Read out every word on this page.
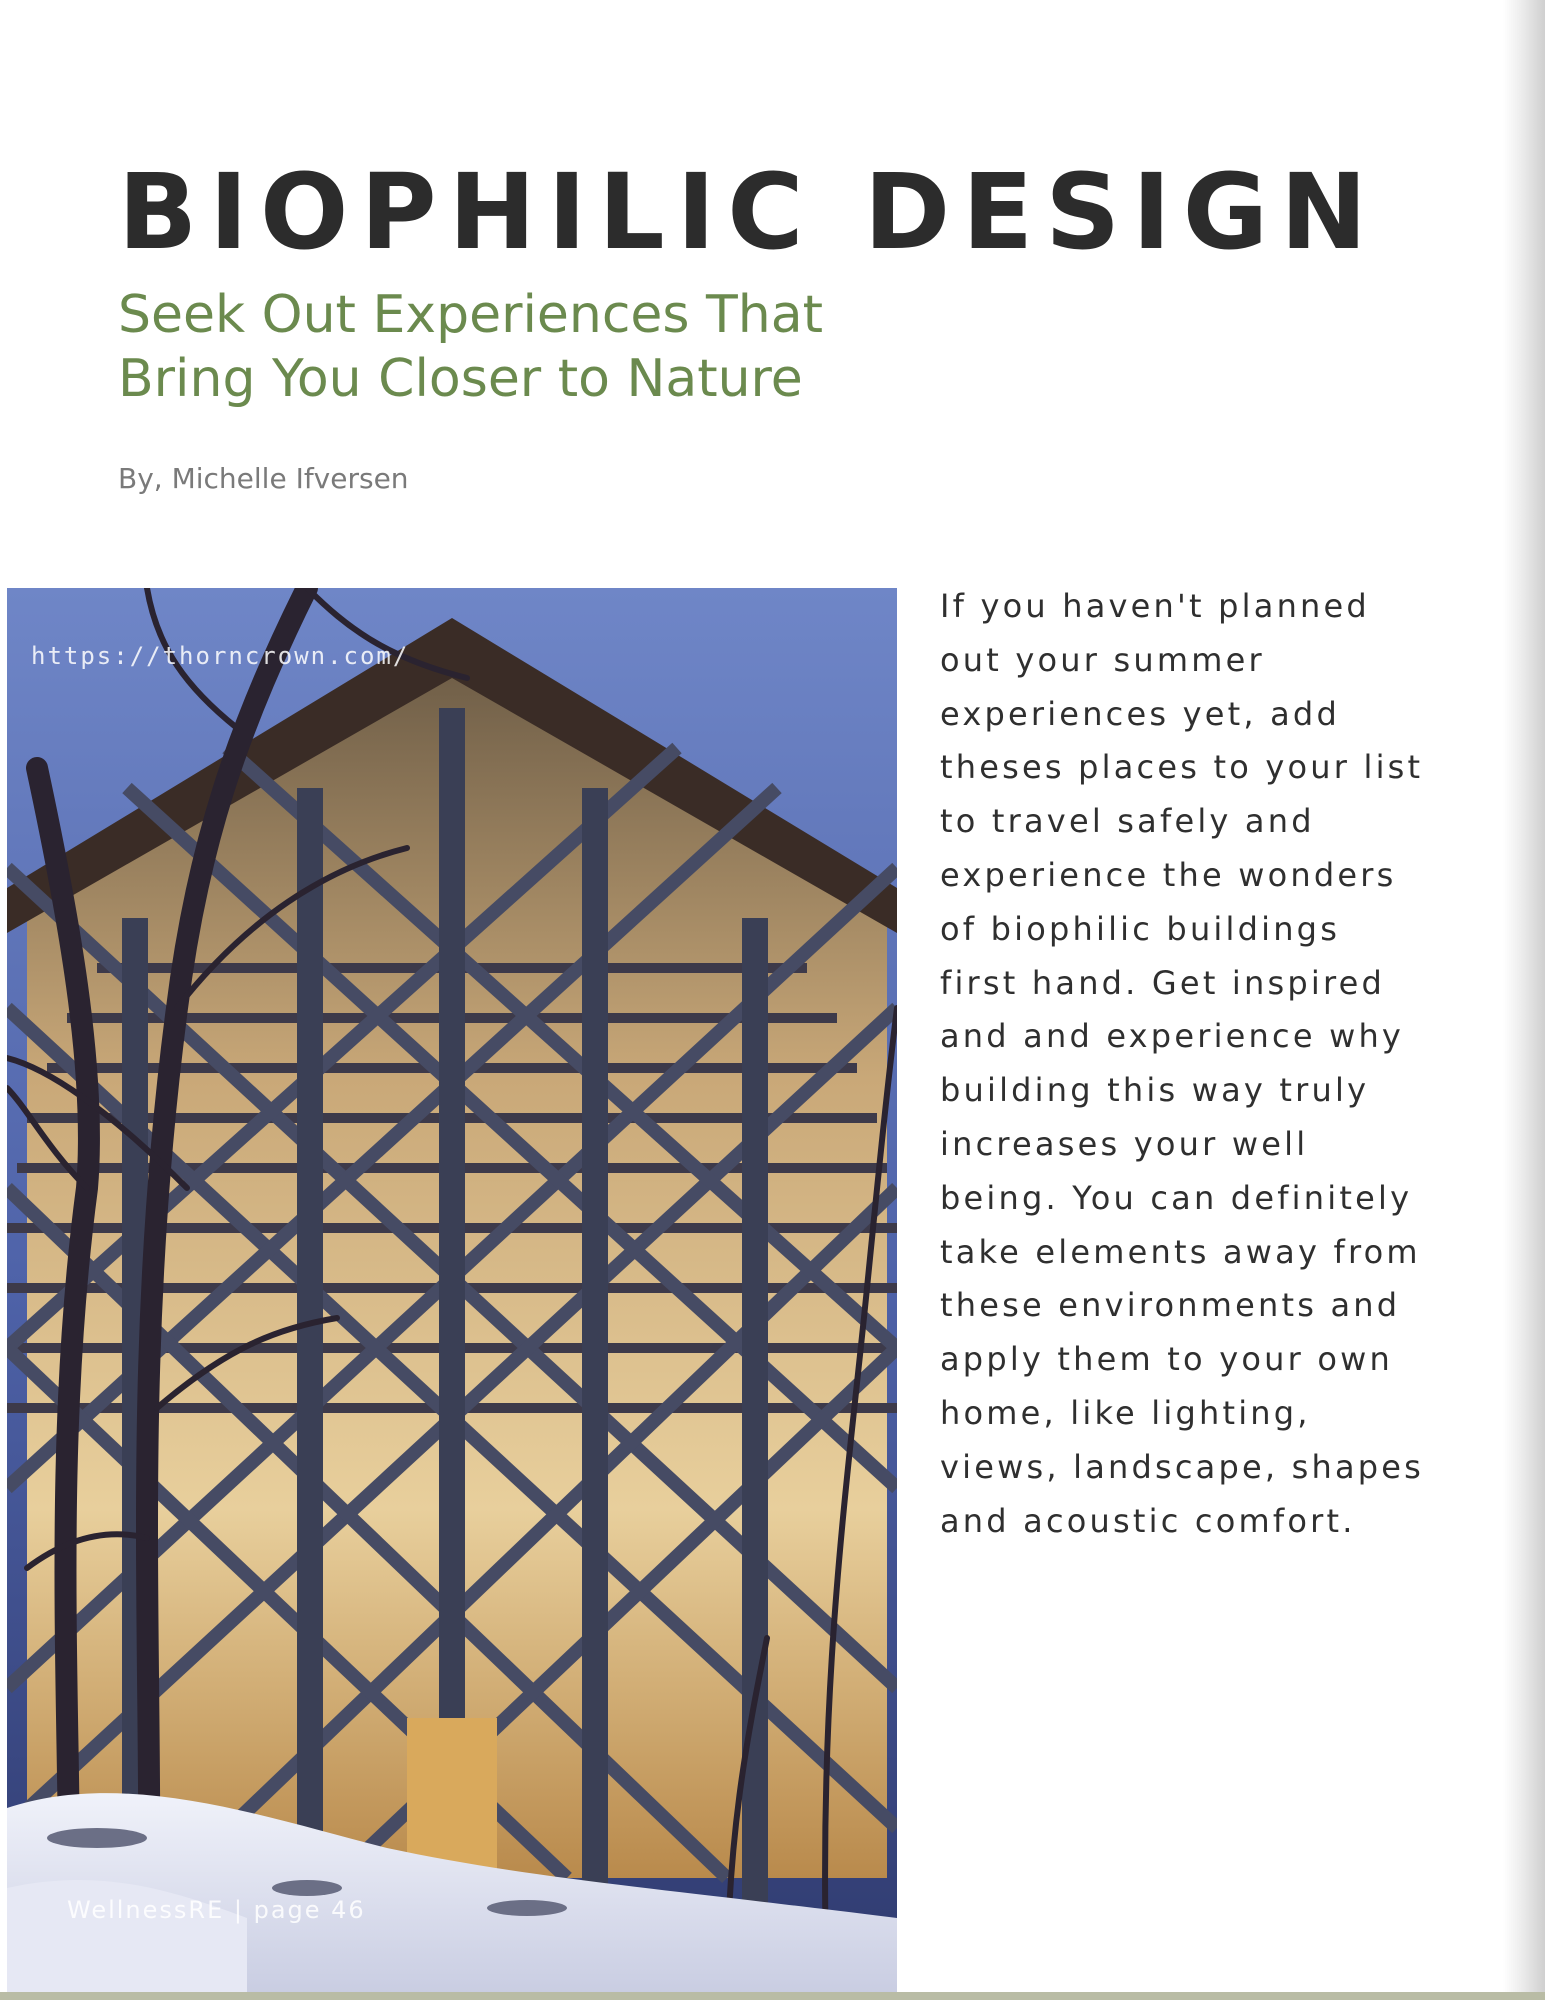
BIOPHILIC DESIGN
Seek Out Experiences That
Bring You Closer to Nature
By, Michelle Ifversen
https://thorncrown.com/
WellnessRE | page 46
If you haven't planned
out your summer
experiences yet, add
theses places to your list
to travel safely and
experience the wonders
of biophilic buildings
first hand. Get inspired
and and experience why
building this way truly
increases your well
being. You can definitely
take elements away from
these environments and
apply them to your own
home, like lighting,
views, landscape, shapes
and acoustic comfort.
